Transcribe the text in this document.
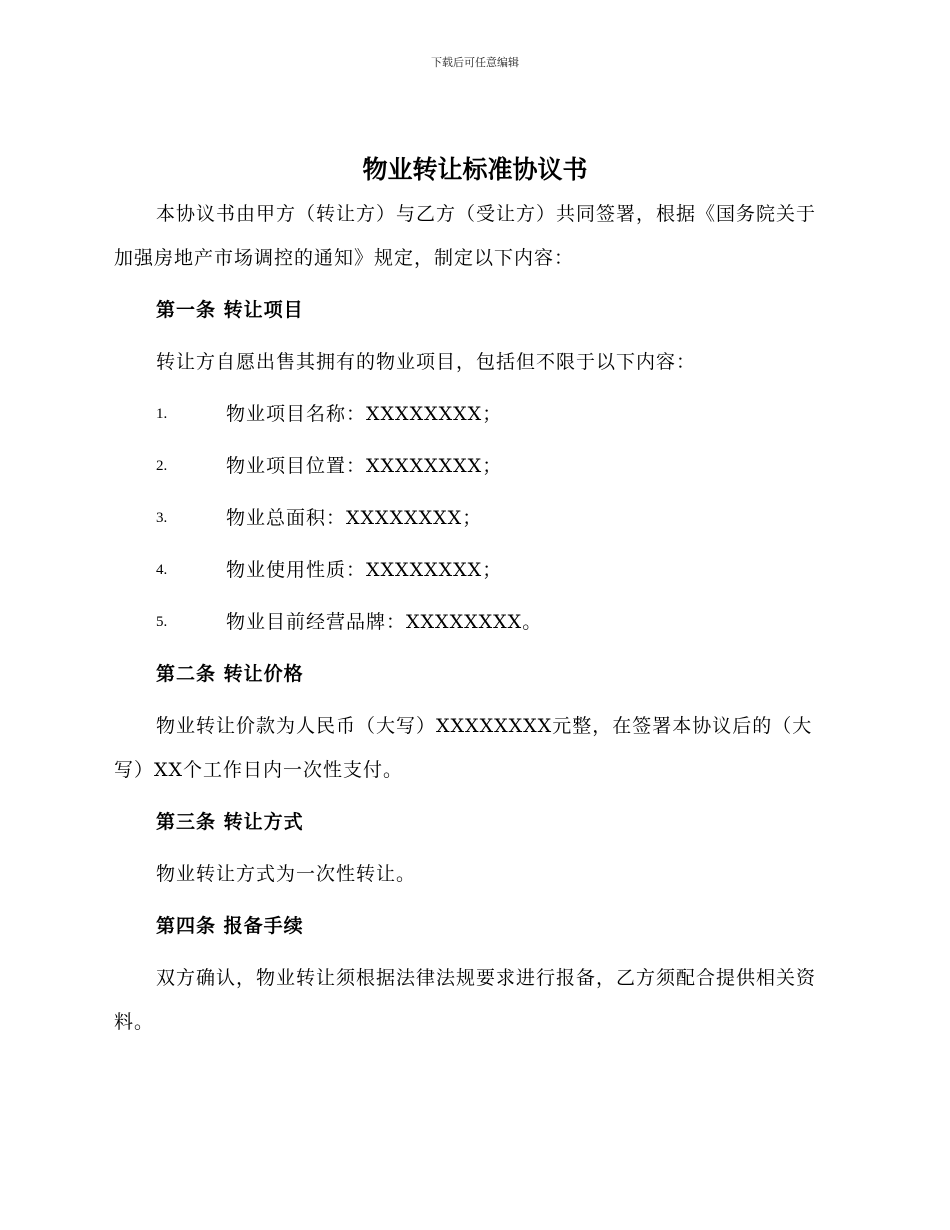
下载后可任意编辑
物业转让标准协议书

本协议书由甲方（转让方）与乙方（受让方）共同签署，根据《国务院关于加强房地产市场调控的通知》规定，制定以下内容：

第一条 转让项目

转让方自愿出售其拥有的物业项目，包括但不限于以下内容：

1.	物业项目名称：XXXXXXXX；
2.	物业项目位置：XXXXXXXX；
3.	物业总面积：XXXXXXXX；
4.	物业使用性质：XXXXXXXX；
5.	物业目前经营品牌：XXXXXXXX。
第二条 转让价格

物业转让价款为人民币（大写）XXXXXXXX元整，在签署本协议后的（大写）XX个工作日内一次性支付。

第三条 转让方式

物业转让方式为一次性转让。

第四条 报备手续

双方确认，物业转让须根据法律法规要求进行报备，乙方须配合提供相关资料。
